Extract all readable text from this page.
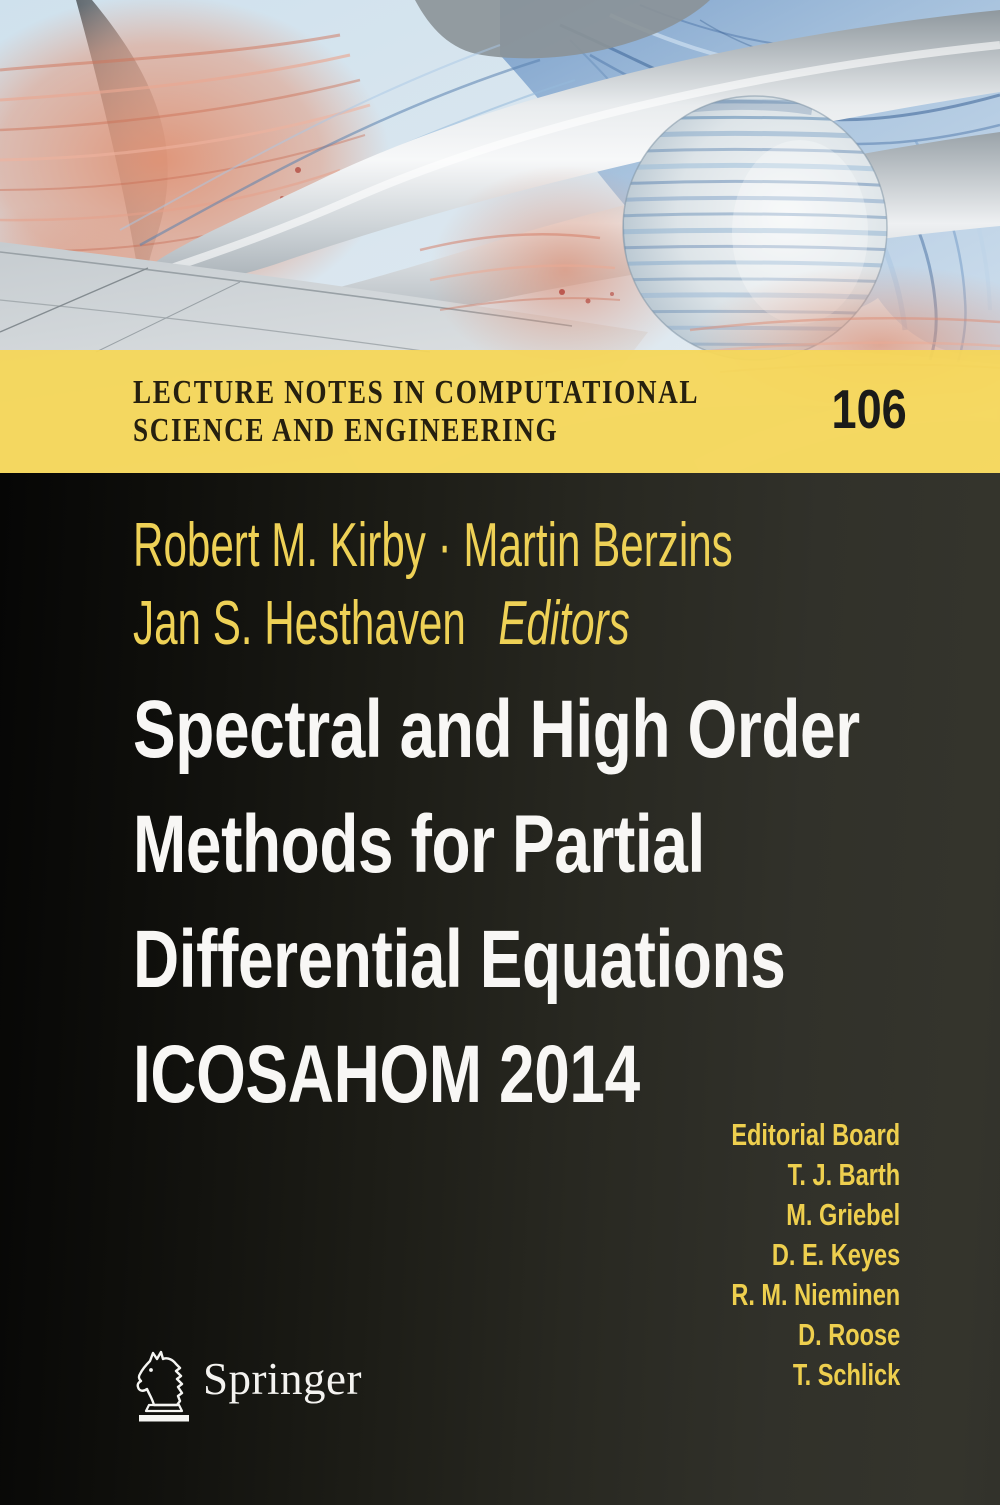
LECTURE NOTES IN COMPUTATIONAL
SCIENCE AND ENGINEERING	106
Robert M. Kirby · Martin Berzins
Jan S. Hesthaven Editors
Spectral and High Order
Methods for Partial
Differential Equations
ICOSAHOM 2014
Editorial Board
T. J. Barth
M. Griebel
D. E. Keyes
R. M. Nieminen
D. Roose
T. Schlick
Springer
